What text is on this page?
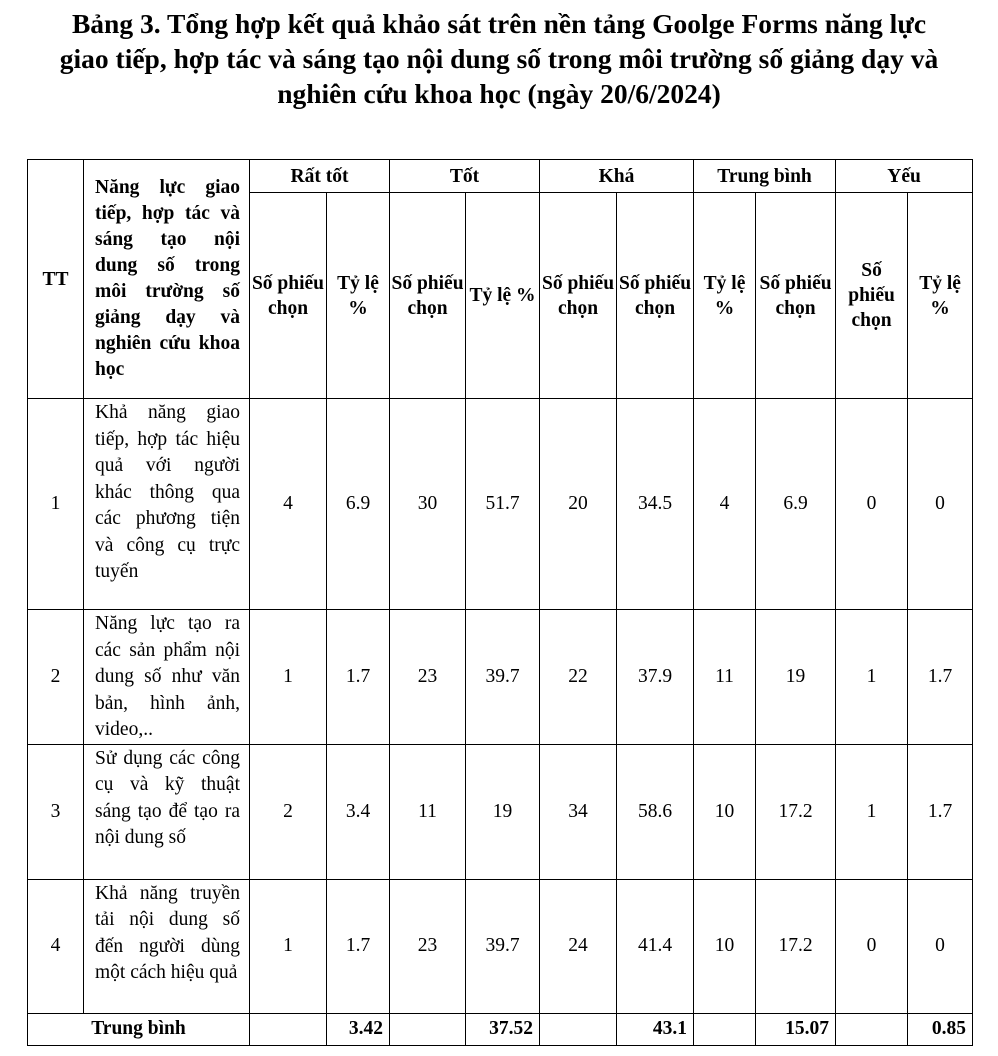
Bảng 3. Tổng hợp kết quả khảo sát trên nền tảng Goolge Forms năng lực
giao tiếp, hợp tác và sáng tạo nội dung số trong môi trường số giảng dạy và
nghiên cứu khoa học (ngày 20/6/2024)
TT	Năng lực giao tiếp, hợp tác và sáng tạo nội dung số trong môi trường số giảng dạy và nghiên cứu khoa học	Rất tốt		Tốt		Khá		Trung bình		Yếu	
		Số phiếu chọn	Tỷ lệ %	Số phiếu chọn	Tỷ lệ %	Số phiếu chọn	Số phiếu chọn	Tỷ lệ %	Số phiếu chọn	Số phiếu chọn	Tỷ lệ %
1	Khả năng giao tiếp, hợp tác hiệu quả với người khác thông qua các phương tiện và công cụ trực tuyến	4	6.9	30	51.7	20	34.5	4	6.9	0	0
2	Năng lực tạo ra các sản phẩm nội dung số như văn bản, hình ảnh, video,..	1	1.7	23	39.7	22	37.9	11	19	1	1.7
3	Sử dụng các công cụ và kỹ thuật sáng tạo để tạo ra nội dung số	2	3.4	11	19	34	58.6	10	17.2	1	1.7
4	Khả năng truyền tải nội dung số đến người dùng một cách hiệu quả	1	1.7	23	39.7	24	41.4	10	17.2	0	0
Trung bình			3.42		37.52		43.1		15.07		0.85
